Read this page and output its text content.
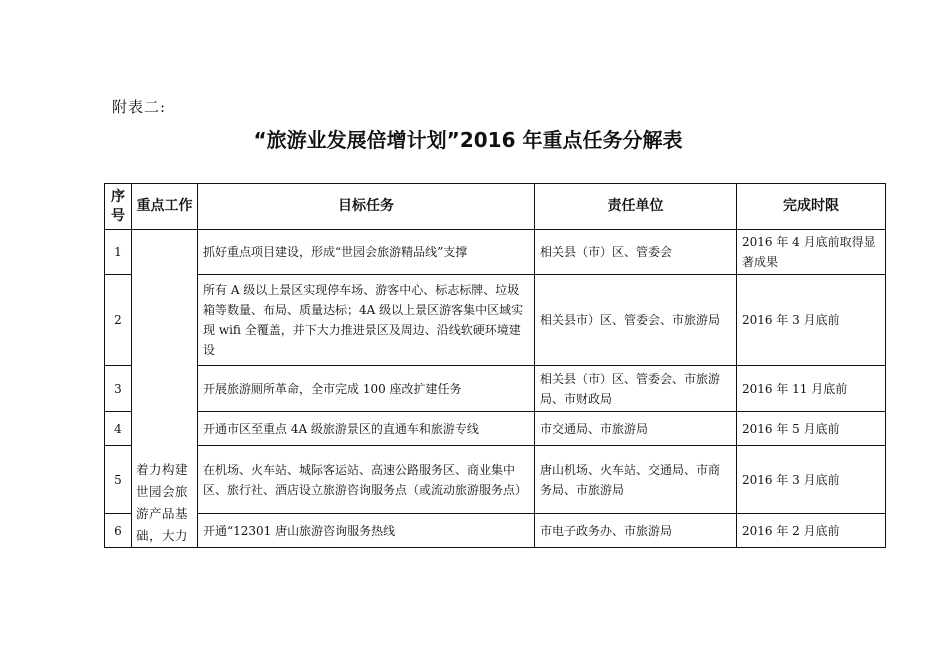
附表二:
“旅游业发展倍增计划”2016 年重点任务分解表
序号	重点工作	目标任务	责任单位	完成时限
1	着力构建世园会旅游产品基础，大力	抓好重点项目建设，形成“世园会旅游精品线”支撑	相关县（市）区、管委会	2016 年 4 月底前取得显著成果
2		所有 A 级以上景区实现停车场、游客中心、标志标牌、垃圾箱等数量、布局、质量达标；4A 级以上景区游客集中区域实现 wifi 全覆盖，并下大力推进景区及周边、沿线软硬环境建设	相关县市）区、管委会、市旅游局	2016 年 3 月底前
3		开展旅游厕所革命，全市完成 100 座改扩建任务	相关县（市）区、管委会、市旅游局、市财政局	2016 年 11 月底前
4		开通市区至重点 4A 级旅游景区的直通车和旅游专线	市交通局、市旅游局	2016 年 5 月底前
5		在机场、火车站、城际客运站、高速公路服务区、商业集中区、旅行社、酒店设立旅游咨询服务点（或流动旅游服务点）	唐山机场、火车站、交通局、市商务局、市旅游局	2016 年 3 月底前
6		开通“12301 唐山旅游咨询服务热线	市电子政务办、市旅游局	2016 年 2 月底前
